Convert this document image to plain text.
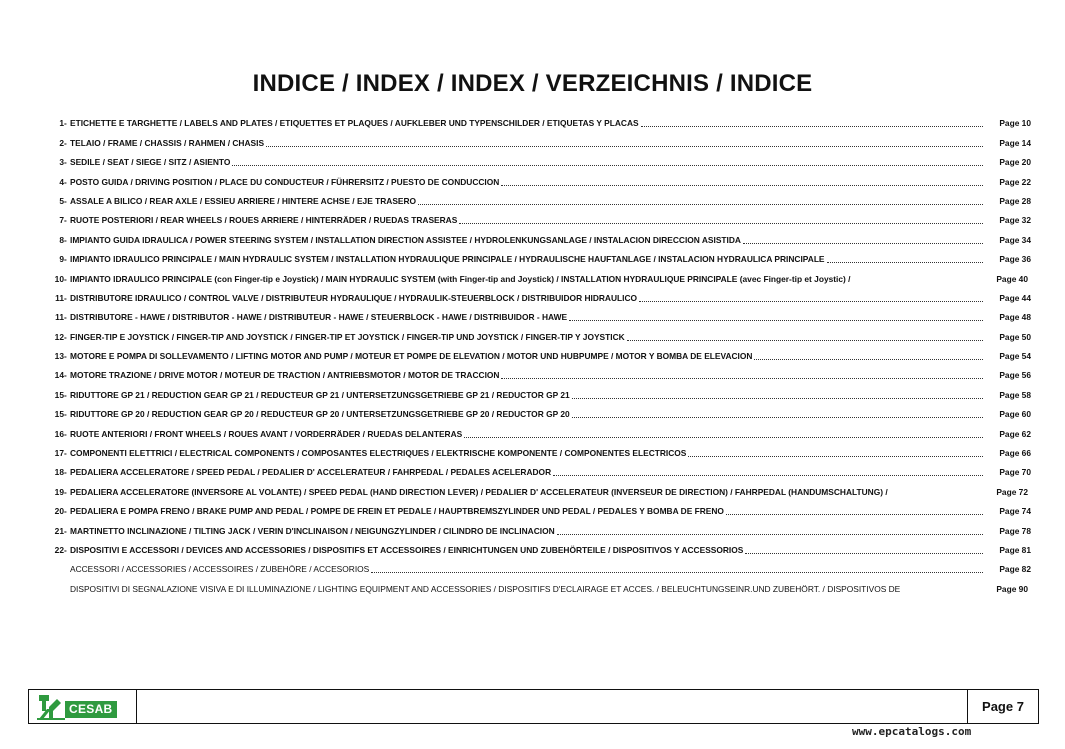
INDICE / INDEX / INDEX / VERZEICHNIS / INDICE
1 - ETICHETTE E TARGHETTE / LABELS AND PLATES / ETIQUETTES ET PLAQUES / AUFKLEBER UND TYPENSCHILDER / ETIQUETAS Y PLACAS	Page 10
2 - TELAIO / FRAME / CHASSIS / RAHMEN / CHASIS	Page 14
3 - SEDILE / SEAT / SIEGE / SITZ / ASIENTO	Page 20
4 - POSTO GUIDA / DRIVING POSITION / PLACE DU CONDUCTEUR / FÜHRERSITZ / PUESTO DE CONDUCCION	Page 22
5 - ASSALE A BILICO / REAR AXLE / ESSIEU ARRIERE / HINTERE ACHSE / EJE TRASERO	Page 28
7 - RUOTE POSTERIORI / REAR WHEELS / ROUES ARRIERE / HINTERRÄDER / RUEDAS TRASERAS	Page 32
8 - IMPIANTO GUIDA IDRAULICA / POWER STEERING SYSTEM / INSTALLATION DIRECTION ASSISTEE / HYDROLENKUNGSANLAGE / INSTALACION DIRECCION ASISTIDA	Page 34
9 - IMPIANTO IDRAULICO PRINCIPALE / MAIN HYDRAULIC SYSTEM / INSTALLATION HYDRAULIQUE PRINCIPALE / HYDRAULISCHE HAUFTANLAGE / INSTALACION HYDRAULICA PRINCIPALE	Page 36
10 - IMPIANTO IDRAULICO PRINCIPALE (con Finger-tip e Joystick) / MAIN HYDRAULIC SYSTEM (with Finger-tip and Joystick) / INSTALLATION HYDRAULIQUE PRINCIPALE (avec Finger-tip et Joystic) /	Page 40
11 - DISTRIBUTORE IDRAULICO / CONTROL VALVE / DISTRIBUTEUR HYDRAULIQUE / HYDRAULIK-STEUERBLOCK / DISTRIBUIDOR HIDRAULICO	Page 44
11 - DISTRIBUTORE - HAWE / DISTRIBUTOR - HAWE / DISTRIBUTEUR - HAWE / STEUERBLOCK - HAWE / DISTRIBUIDOR - HAWE	Page 48
12 - FINGER-TIP E JOYSTICK / FINGER-TIP AND JOYSTICK / FINGER-TIP ET JOYSTICK / FINGER-TIP UND JOYSTICK / FINGER-TIP Y JOYSTICK	Page 50
13 - MOTORE E POMPA DI SOLLEVAMENTO / LIFTING MOTOR AND PUMP / MOTEUR ET POMPE DE ELEVATION / MOTOR UND HUBPUMPE / MOTOR Y BOMBA DE ELEVACION	Page 54
14 - MOTORE TRAZIONE / DRIVE MOTOR / MOTEUR DE TRACTION / ANTRIEBSMOTOR / MOTOR DE TRACCION	Page 56
15 - RIDUTTORE GP 21 / REDUCTION GEAR GP 21 / REDUCTEUR GP 21 / UNTERSETZUNGSGETRIEBE GP 21 / REDUCTOR GP 21	Page 58
15 - RIDUTTORE GP 20 / REDUCTION GEAR GP 20 / REDUCTEUR GP 20 / UNTERSETZUNGSGETRIEBE GP 20 / REDUCTOR GP 20	Page 60
16 - RUOTE ANTERIORI / FRONT WHEELS / ROUES AVANT / VORDERRÄDER / RUEDAS DELANTERAS	Page 62
17 - COMPONENTI ELETTRICI / ELECTRICAL COMPONENTS / COMPOSANTES ELECTRIQUES / ELEKTRISCHE KOMPONENTE / COMPONENTES ELECTRICOS	Page 66
18 - PEDALIERA ACCELERATORE / SPEED PEDAL / PEDALIER D' ACCELERATEUR / FAHRPEDAL / PEDALES ACELERADOR	Page 70
19 - PEDALIERA ACCELERATORE (INVERSORE AL VOLANTE) / SPEED PEDAL (HAND DIRECTION LEVER) / PEDALIER D' ACCELERATEUR (INVERSEUR DE DIRECTION) / FAHRPEDAL (HANDUMSCHALTUNG) /	Page 72
20 - PEDALIERA E POMPA FRENO / BRAKE PUMP AND PEDAL / POMPE DE FREIN ET PEDALE / HAUPTBREMSZYLINDER UND PEDAL / PEDALES Y BOMBA DE FRENO	Page 74
21 - MARTINETTO INCLINAZIONE / TILTING JACK / VERIN D'INCLINAISON / NEIGUNGZYLINDER / CILINDRO DE INCLINACION	Page 78
22 - DISPOSITIVI E ACCESSORI / DEVICES AND ACCESSORIES / DISPOSITIFS ET ACCESSOIRES / EINRICHTUNGEN UND ZUBEHÖRTEILE / DISPOSITIVOS Y ACCESSORIOS	Page 81
ACCESSORI / ACCESSORIES / ACCESSOIRES / ZUBEHÖRE / ACCESORIOS	Page 82
DISPOSITIVI DI SEGNALAZIONE VISIVA E DI ILLUMINAZIONE / LIGHTING EQUIPMENT AND ACCESSORIES / DISPOSITIFS D'ECLAIRAGE ET ACCES. / BELEUCHTUNGSEINR.UND ZUBEHÖRT. / DISPOSITIVOS DE	Page 90
CESAB	Page 7
www.epcatalogs.com
